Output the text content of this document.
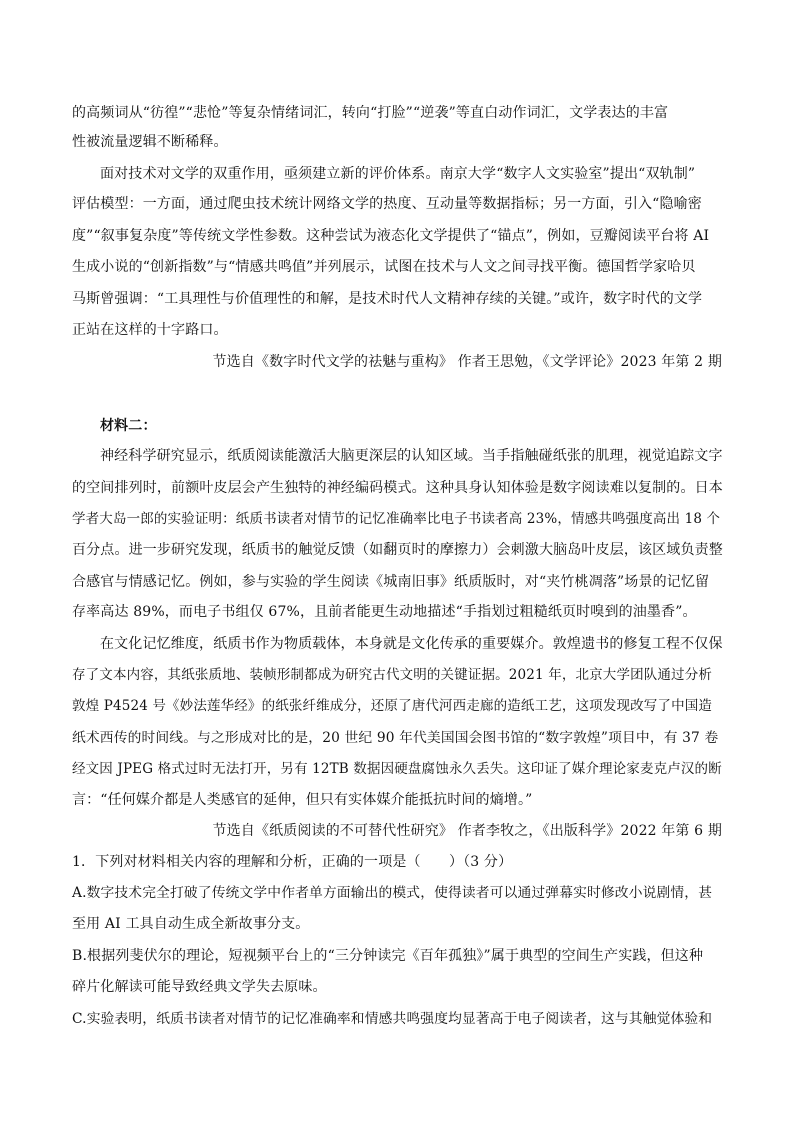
的高频词从“彷徨”“悲怆”等复杂情绪词汇，转向“打脸”“逆袭”等直白动作词汇，文学表达的丰富
性被流量逻辑不断稀释。
面对技术对文学的双重作用，亟须建立新的评价体系。南京大学“数字人文实验室”提出“双轨制”
评估模型：一方面，通过爬虫技术统计网络文学的热度、互动量等数据指标；另一方面，引入“隐喻密
度”“叙事复杂度”等传统文学性参数。这种尝试为液态化文学提供了“锚点”，例如，豆瓣阅读平台将 AI
生成小说的“创新指数”与“情感共鸣值”并列展示，试图在技术与人文之间寻找平衡。德国哲学家哈贝
马斯曾强调：“工具理性与价值理性的和解，是技术时代人文精神存续的关键。”或许，数字时代的文学
正站在这样的十字路口。
节选自《数字时代文学的祛魅与重构》 作者王思勉，《文学评论》2023 年第 2 期
材料二：
神经科学研究显示，纸质阅读能激活大脑更深层的认知区域。当手指触碰纸张的肌理，视觉追踪文字
的空间排列时，前额叶皮层会产生独特的神经编码模式。这种具身认知体验是数字阅读难以复制的。日本
学者大岛一郎的实验证明：纸质书读者对情节的记忆准确率比电子书读者高 23%，情感共鸣强度高出 18 个
百分点。进一步研究发现，纸质书的触觉反馈（如翻页时的摩擦力）会刺激大脑岛叶皮层，该区域负责整
合感官与情感记忆。例如，参与实验的学生阅读《城南旧事》纸质版时，对“夹竹桃凋落”场景的记忆留
存率高达 89%，而电子书组仅 67%，且前者能更生动地描述“手指划过粗糙纸页时嗅到的油墨香”。
在文化记忆维度，纸质书作为物质载体，本身就是文化传承的重要媒介。敦煌遗书的修复工程不仅保
存了文本内容，其纸张质地、装帧形制都成为研究古代文明的关键证据。2021 年，北京大学团队通过分析
敦煌 P4524 号《妙法莲华经》的纸张纤维成分，还原了唐代河西走廊的造纸工艺，这项发现改写了中国造
纸术西传的时间线。与之形成对比的是，20 世纪 90 年代美国国会图书馆的“数字敦煌”项目中，有 37 卷
经文因 JPEG 格式过时无法打开，另有 12TB 数据因硬盘腐蚀永久丢失。这印证了媒介理论家麦克卢汉的断
言：“任何媒介都是人类感官的延伸，但只有实体媒介能抵抗时间的熵增。”
节选自《纸质阅读的不可替代性研究》 作者李牧之，《出版科学》2022 年第 6 期
1．下列对材料相关内容的理解和分析，正确的一项是（　　）（3 分）
A.数字技术完全打破了传统文学中作者单方面输出的模式，使得读者可以通过弹幕实时修改小说剧情，甚
至用 AI 工具自动生成全新故事分支。
B.根据列斐伏尔的理论，短视频平台上的“三分钟读完《百年孤独》”属于典型的空间生产实践，但这种
碎片化解读可能导致经典文学失去原味。
C.实验表明，纸质书读者对情节的记忆准确率和情感共鸣强度均显著高于电子阅读者，这与其触觉体验和
